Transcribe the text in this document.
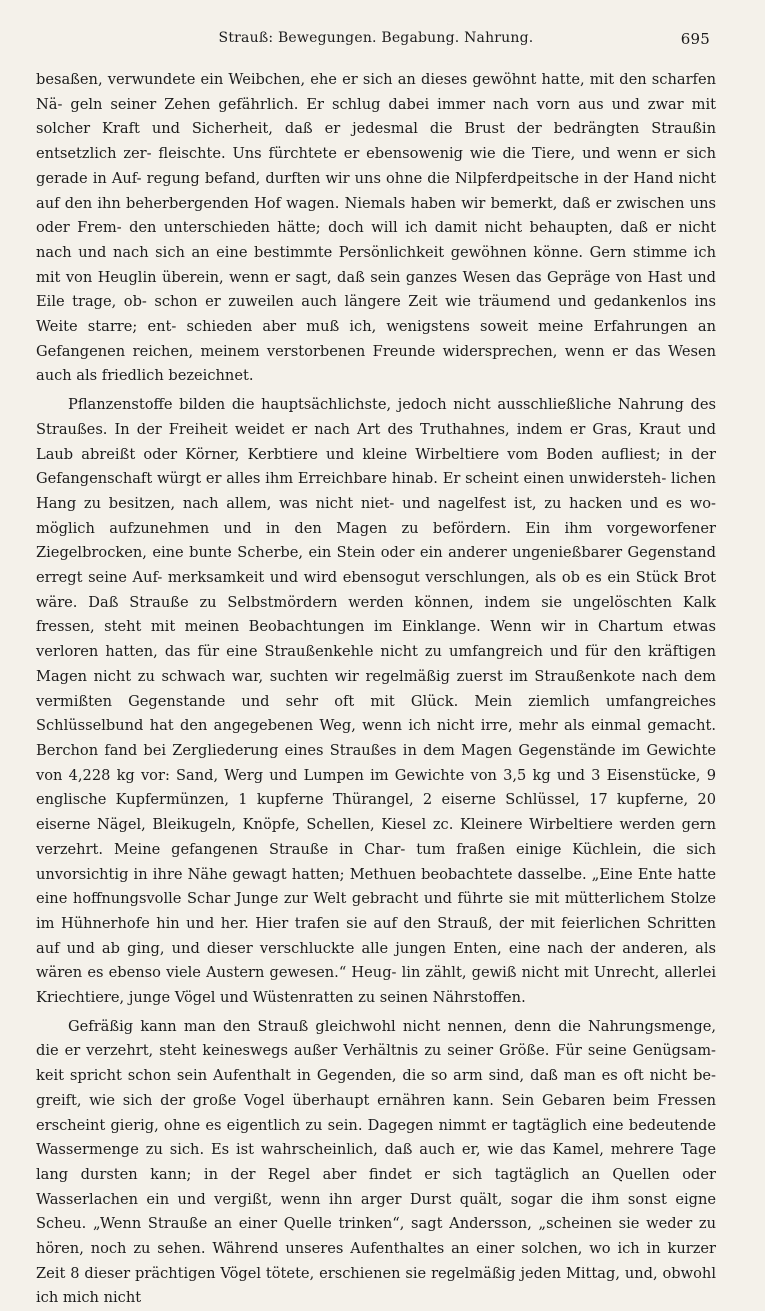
Strauß: Bewegungen. Begabung. Nahrung.	695

besaßen, verwundete ein Weibchen, ehe er sich an dieses gewöhnt hatte, mit den scharfen Nä- geln seiner Zehen gefährlich. Er schlug dabei immer nach vorn aus und zwar mit solcher Kraft und Sicherheit, daß er jedesmal die Brust der bedrängten Straußin entsetzlich zer- fleischte. Uns fürchtete er ebensowenig wie die Tiere, und wenn er sich gerade in Auf- regung befand, durften wir uns ohne die Nilpferdpeitsche in der Hand nicht auf den ihn beherbergenden Hof wagen. Niemals haben wir bemerkt, daß er zwischen uns oder Frem- den unterschieden hätte; doch will ich damit nicht behaupten, daß er nicht nach und nach sich an eine bestimmte Persönlichkeit gewöhnen könne. Gern stimme ich mit von Heuglin überein, wenn er sagt, daß sein ganzes Wesen das Gepräge von Hast und Eile trage, ob- schon er zuweilen auch längere Zeit wie träumend und gedankenlos ins Weite starre; ent- schieden aber muß ich, wenigstens soweit meine Erfahrungen an Gefangenen reichen, meinem verstorbenen Freunde widersprechen, wenn er das Wesen auch als friedlich bezeichnet.

Pflanzenstoffe bilden die hauptsächlichste, jedoch nicht ausschließliche Nahrung des Straußes. In der Freiheit weidet er nach Art des Truthahnes, indem er Gras, Kraut und Laub abreißt oder Körner, Kerbtiere und kleine Wirbeltiere vom Boden aufliest; in der Gefangenschaft würgt er alles ihm Erreichbare hinab. Er scheint einen unwidersteh- lichen Hang zu besitzen, nach allem, was nicht niet- und nagelfest ist, zu hacken und es wo- möglich aufzunehmen und in den Magen zu befördern. Ein ihm vorgeworfener Ziegelbrocken, eine bunte Scherbe, ein Stein oder ein anderer ungenießbarer Gegenstand erregt seine Auf- merksamkeit und wird ebensogut verschlungen, als ob es ein Stück Brot wäre. Daß Strauße zu Selbstmördern werden können, indem sie ungelöschten Kalk fressen, steht mit meinen Beobachtungen im Einklange. Wenn wir in Chartum etwas verloren hatten, das für eine Straußenkehle nicht zu umfangreich und für den kräftigen Magen nicht zu schwach war, suchten wir regelmäßig zuerst im Straußenkote nach dem vermißten Gegenstande und sehr oft mit Glück. Mein ziemlich umfangreiches Schlüsselbund hat den angegebenen Weg, wenn ich nicht irre, mehr als einmal gemacht. Berchon fand bei Zergliederung eines Straußes in dem Magen Gegenstände im Gewichte von 4,228 kg vor: Sand, Werg und Lumpen im Gewichte von 3,5 kg und 3 Eisenstücke, 9 englische Kupfermünzen, 1 kupferne Thürangel, 2 eiserne Schlüssel, 17 kupferne, 20 eiserne Nägel, Bleikugeln, Knöpfe, Schellen, Kiesel zc. Kleinere Wirbeltiere werden gern verzehrt. Meine gefangenen Strauße in Char- tum fraßen einige Küchlein, die sich unvorsichtig in ihre Nähe gewagt hatten; Methuen beobachtete dasselbe. „Eine Ente hatte eine hoffnungsvolle Schar Junge zur Welt gebracht und führte sie mit mütterlichem Stolze im Hühnerhofe hin und her. Hier trafen sie auf den Strauß, der mit feierlichen Schritten auf und ab ging, und dieser verschluckte alle jungen Enten, eine nach der anderen, als wären es ebenso viele Austern gewesen.“ Heug- lin zählt, gewiß nicht mit Unrecht, allerlei Kriechtiere, junge Vögel und Wüstenratten zu seinen Nährstoffen.

Gefräßig kann man den Strauß gleichwohl nicht nennen, denn die Nahrungsmenge, die er verzehrt, steht keineswegs außer Verhältnis zu seiner Größe. Für seine Genügsam- keit spricht schon sein Aufenthalt in Gegenden, die so arm sind, daß man es oft nicht be- greift, wie sich der große Vogel überhaupt ernähren kann. Sein Gebaren beim Fressen erscheint gierig, ohne es eigentlich zu sein. Dagegen nimmt er tagtäglich eine bedeutende Wassermenge zu sich. Es ist wahrscheinlich, daß auch er, wie das Kamel, mehrere Tage lang dursten kann; in der Regel aber findet er sich tagtäglich an Quellen oder Wasserlachen ein und vergißt, wenn ihn arger Durst quält, sogar die ihm sonst eigne Scheu. „Wenn Strauße an einer Quelle trinken“, sagt Andersson, „scheinen sie weder zu hören, noch zu sehen. Während unseres Aufenthaltes an einer solchen, wo ich in kurzer Zeit 8 dieser prächtigen Vögel tötete, erschienen sie regelmäßig jeden Mittag, und, obwohl ich mich nicht
